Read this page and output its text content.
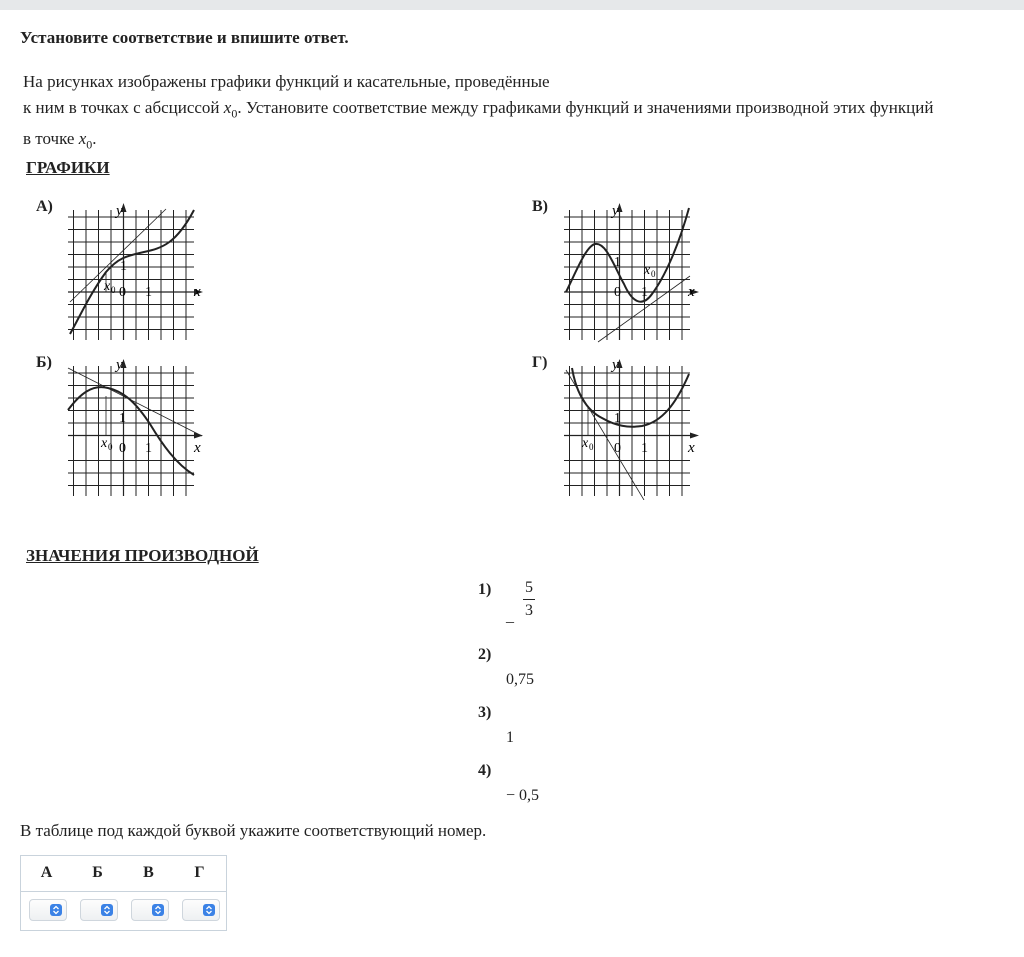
Установите соответствие и впишите ответ.
На рисунках изображены графики функций и касательные, проведённые
к ним в точках с абсциссой $x_0$. Установите соответствие между графиками функций и значениями производной этих функций
в точке $x_0$.
ГРАФИКИ
А)	В)
Б)	Г)
y
x
0 1
1
x 0
y
x
0 1
1
x 0
y
x
0 1
1
x 0
y
x
0 1
1
x 0
ЗНАЧЕНИЯ ПРОИЗВОДНОЙ
1) 5
3
_
2)
0,75
3)
1
4)
− 0,5
В таблице под каждой буквой укажите соответствующий номер.
А	Б	В	Г
